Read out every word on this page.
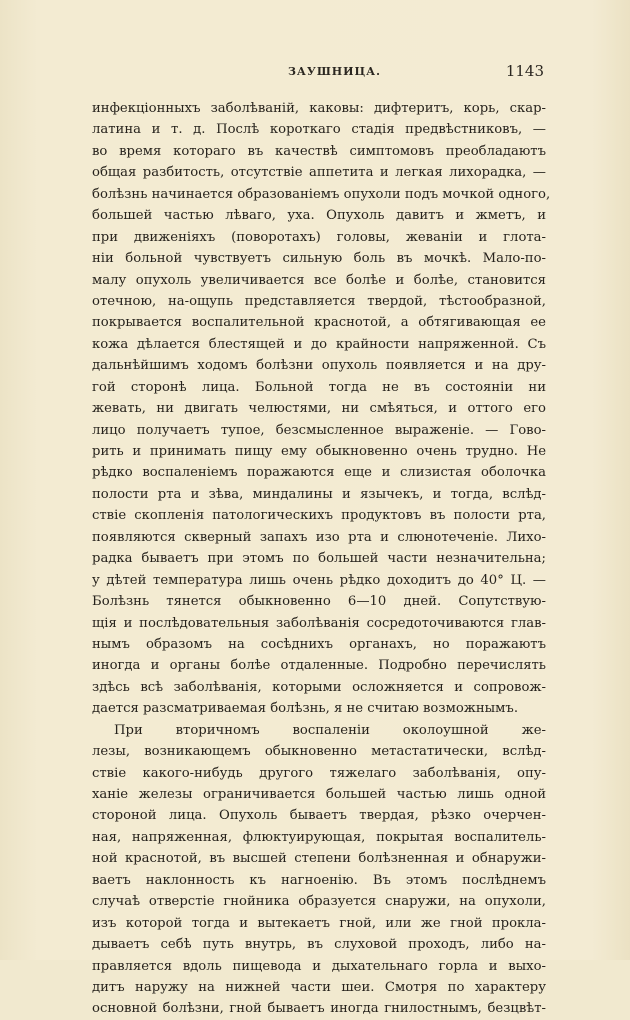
ЗАУШНИЦА.	1143
инфекціонныхъ заболѣваній, каковы: дифтеритъ, корь, скар-
латина и т. д. Послѣ короткаго стадія предвѣстниковъ, —
во время котораго въ качествѣ симптомовъ преобладаютъ
общая разбитость, отсутствіе аппетита и легкая лихорадка, —
болѣзнь начинается образованіемъ опухоли подъ мочкой одного,
большей частью лѣваго, уха. Опухоль давитъ и жметъ, и
при движеніяхъ (поворотахъ) головы, жеваніи и глота-
ніи больной чувствуетъ сильную боль въ мочкѣ. Мало-по-
малу опухоль увеличивается все болѣе и болѣе, становится
отечною, на-ощупь представляется твердой, тѣстообразной,
покрывается воспалительной краснотой, а обтягивающая ее
кожа дѣлается блестящей и до крайности напряженной. Съ
дальнѣйшимъ ходомъ болѣзни опухоль появляется и на дру-
гой сторонѣ лица. Больной тогда не въ состояніи ни
жевать, ни двигать челюстями, ни смѣяться, и оттого его
лицо получаетъ тупое, безсмысленное выраженіе. — Гово-
рить и принимать пищу ему обыкновенно очень трудно. Не
рѣдко воспаленіемъ поражаются еще и слизистая оболочка
полости рта и зѣва, миндалины и язычекъ, и тогда, вслѣд-
ствіе скопленія патологическихъ продуктовъ въ полости рта,
появляются скверный запахъ изо рта и слюнотеченіе. Лихо-
радка бываетъ при этомъ по большей части незначительна;
у дѣтей температура лишь очень рѣдко доходитъ до 40° Ц. —
Болѣзнь тянется обыкновенно 6—10 дней. Сопутствую-
щія и послѣдовательныя заболѣванія сосредоточиваются глав-
нымъ образомъ на сосѣднихъ органахъ, но поражаютъ
иногда и органы болѣе отдаленные. Подробно перечислять
здѣсь всѣ заболѣванія, которыми осложняется и сопровож-
дается разсматриваемая болѣзнь, я не считаю возможнымъ.
При вторичномъ воспаленіи околоушной же-
лезы, возникающемъ обыкновенно метастатически, вслѣд-
ствіе какого-нибудь другого тяжелаго заболѣванія, опу-
ханіе железы ограничивается большей частью лишь одной
стороной лица. Опухоль бываетъ твердая, рѣзко очерчен-
ная, напряженная, флюктуирующая, покрытая воспалитель-
ной краснотой, въ высшей степени болѣзненная и обнаружи-
ваетъ наклонность къ нагноенію. Въ этомъ послѣднемъ
случаѣ отверстіе гнойника образуется снаружи, на опухоли,
изъ которой тогда и вытекаетъ гной, или же гной прокла-
дываетъ себѣ путь внутрь, въ слуховой проходъ, либо на-
правляется вдоль пищевода и дыхательнаго горла и выхо-
дитъ наружу на нижней части шеи. Смотря по характеру
основной болѣзни, гной бываетъ иногда гнилостнымъ, безцвѣт-
